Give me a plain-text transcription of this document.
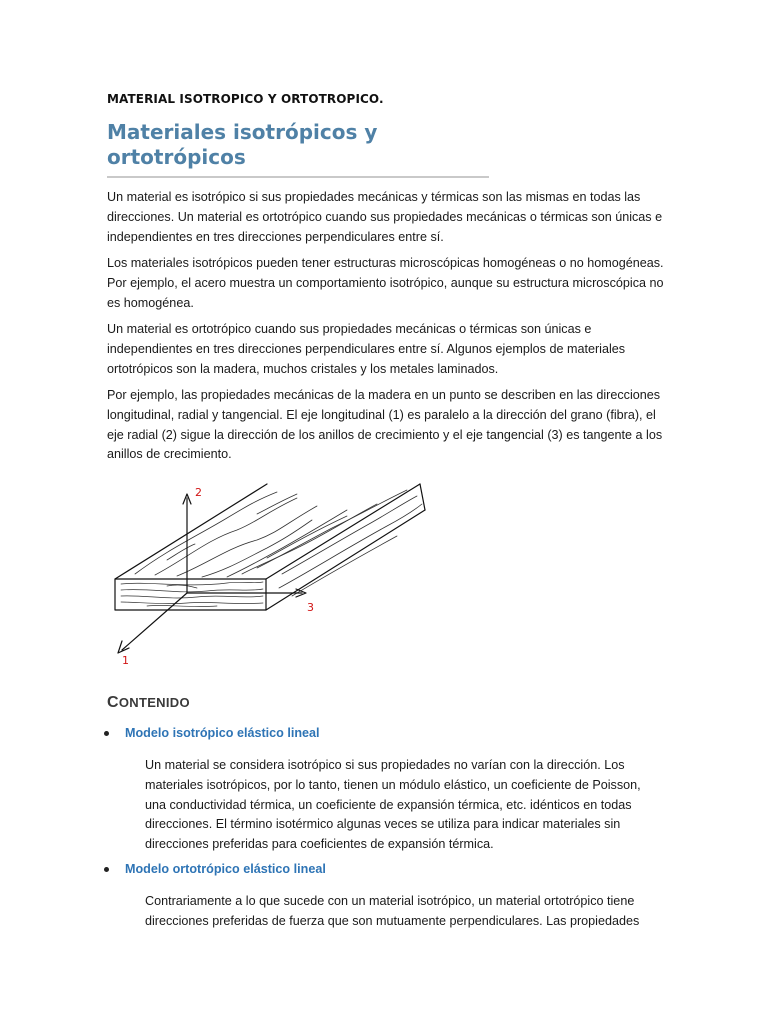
MATERIAL ISOTROPICO Y ORTOTROPICO.
Materiales isotrópicos y
ortotrópicos

Un material es isotrópico si sus propiedades mecánicas y térmicas son las mismas en todas las direcciones. Un material es ortotrópico cuando sus propiedades mecánicas o térmicas son únicas e independientes en tres direcciones perpendiculares entre sí.

Los materiales isotrópicos pueden tener estructuras microscópicas homogéneas o no homogéneas. Por ejemplo, el acero muestra un comportamiento isotrópico, aunque su estructura microscópica no es homogénea.

Un material es ortotrópico cuando sus propiedades mecánicas o térmicas son únicas e independientes en tres direcciones perpendiculares entre sí. Algunos ejemplos de materiales ortotrópicos son la madera, muchos cristales y los metales laminados.

Por ejemplo, las propiedades mecánicas de la madera en un punto se describen en las direcciones longitudinal, radial y tangencial. El eje longitudinal (1) es paralelo a la dirección del grano (fibra), el eje radial (2) sigue la dirección de los anillos de crecimiento y el eje tangencial (3) es tangente a los anillos de crecimiento.

1
2
3
CONTENIDO
Modelo isotrópico elástico lineal

Un material se considera isotrópico si sus propiedades no varían con la dirección. Los materiales isotrópicos, por lo tanto, tienen un módulo elástico, un coeficiente de Poisson, una conductividad térmica, un coeficiente de expansión térmica, etc. idénticos en todas direcciones. El término isotérmico algunas veces se utiliza para indicar materiales sin direcciones preferidas para coeficientes de expansión térmica.

Modelo ortotrópico elástico lineal

Contrariamente a lo que sucede con un material isotrópico, un material ortotrópico tiene direcciones preferidas de fuerza que son mutuamente perpendiculares. Las propiedades
